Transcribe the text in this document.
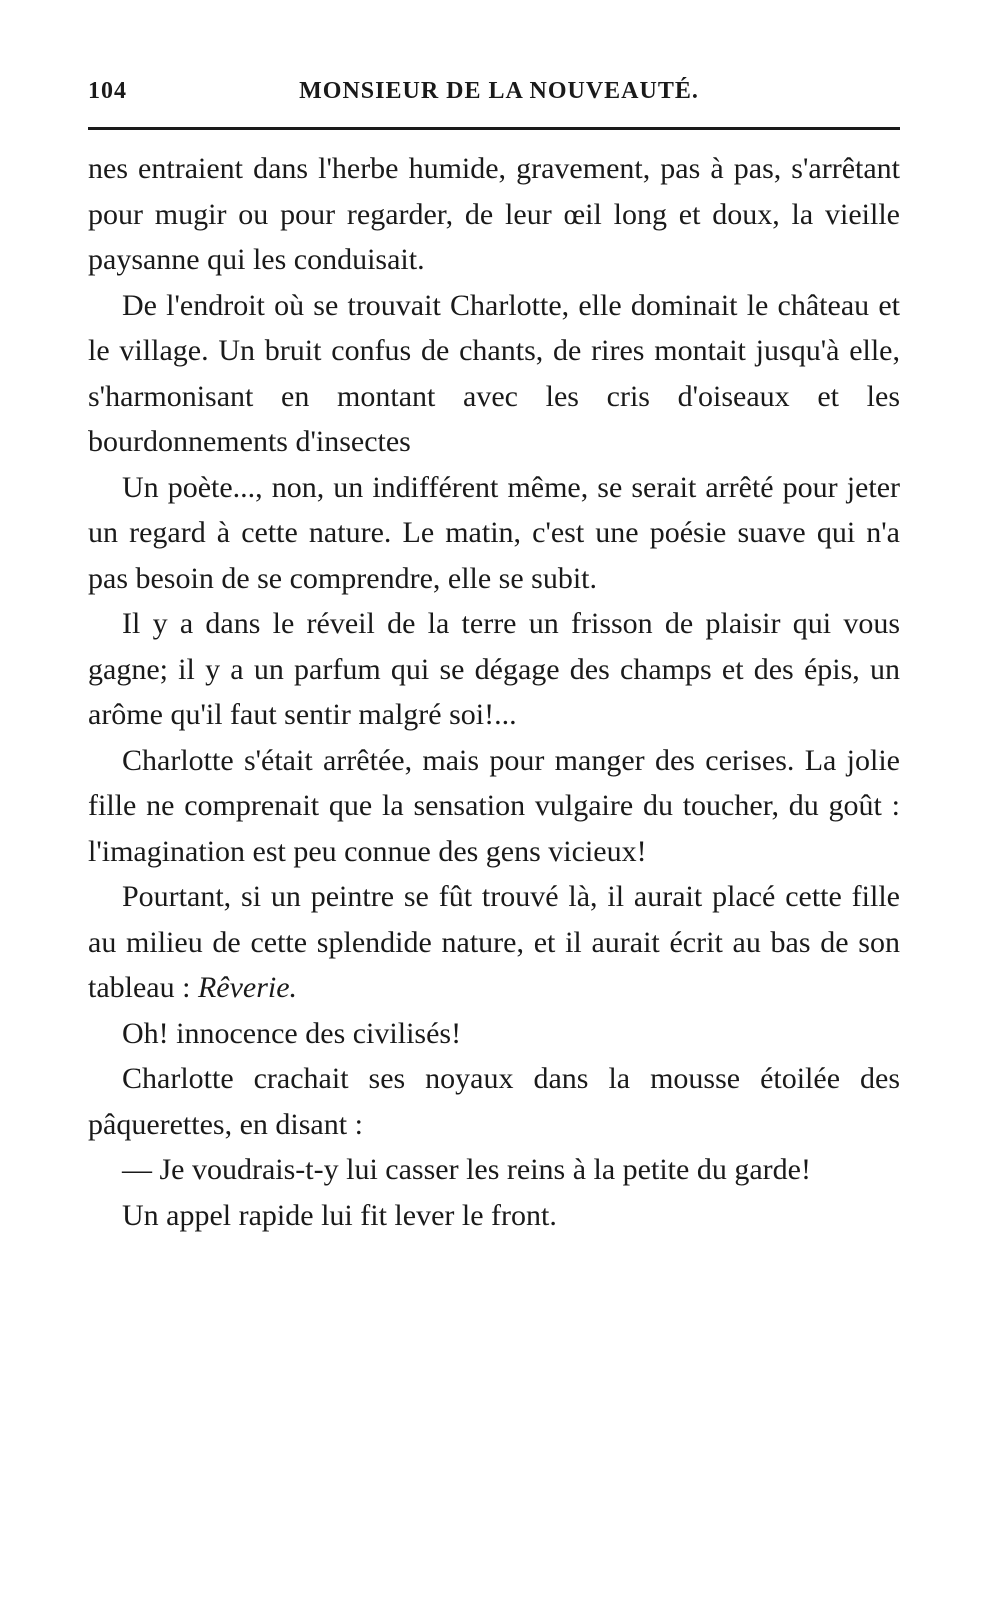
104	MONSIEUR DE LA NOUVEAUTÉ.

nes entraient dans l'herbe humide, gravement, pas à pas, s'arrêtant pour mugir ou pour regarder, de leur œil long et doux, la vieille paysanne qui les conduisait.

De l'endroit où se trouvait Charlotte, elle dominait le château et le village. Un bruit confus de chants, de rires montait jusqu'à elle, s'harmonisant en montant avec les cris d'oiseaux et les bourdonnements d'insectes

Un poète..., non, un indifférent même, se serait arrêté pour jeter un regard à cette nature. Le matin, c'est une poésie suave qui n'a pas besoin de se comprendre, elle se subit.

Il y a dans le réveil de la terre un frisson de plaisir qui vous gagne; il y a un parfum qui se dégage des champs et des épis, un arôme qu'il faut sentir malgré soi!...

Charlotte s'était arrêtée, mais pour manger des cerises. La jolie fille ne comprenait que la sensation vulgaire du toucher, du goût : l'imagination est peu connue des gens vicieux!

Pourtant, si un peintre se fût trouvé là, il aurait placé cette fille au milieu de cette splendide nature, et il aurait écrit au bas de son tableau : Rêverie.

Oh! innocence des civilisés!

Charlotte crachait ses noyaux dans la mousse étoilée des pâquerettes, en disant :

— Je voudrais-t-y lui casser les reins à la petite du garde!

Un appel rapide lui fit lever le front.
